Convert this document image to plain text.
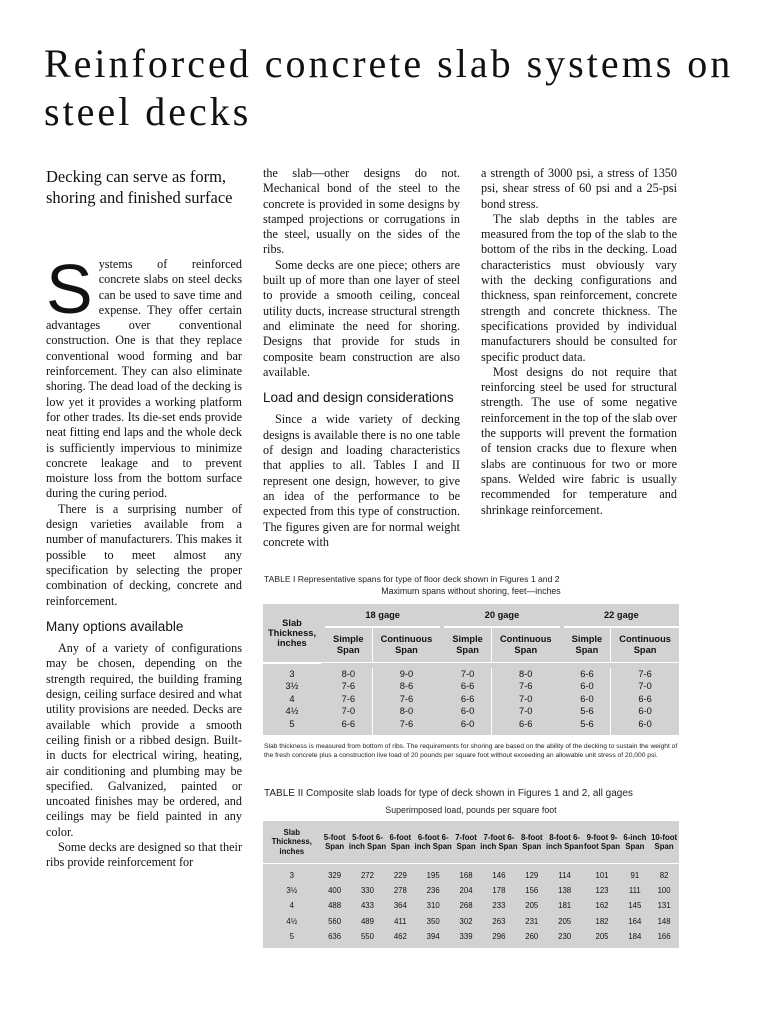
Reinforced concrete slab systems on steel decks
Decking can serve as form, shoring and finished surface

Systems of reinforced concrete slabs on steel decks can be used to save time and expense. They offer certain advantages over conventional construction. One is that they replace conventional wood forming and bar reinforcement. They can also eliminate shoring. The dead load of the decking is low yet it provides a working platform for other trades. Its die-set ends provide neat fitting end laps and the whole deck is sufficiently impervious to minimize concrete leakage and to prevent moisture loss from the bottom surface during the curing period.

There is a surprising number of design varieties available from a number of manufacturers. This makes it possible to meet almost any specification by selecting the proper combination of decking, concrete and reinforcement.

Many options available

Any of a variety of configurations may be chosen, depending on the strength required, the building framing design, ceiling surface desired and what utility provisions are needed. Decks are available which provide a smooth ceiling finish or a ribbed design. Built-in ducts for electrical wiring, heating, air conditioning and plumbing may be specified. Galvanized, painted or uncoated finishes may be ordered, and ceilings may be field painted in any color.

Some decks are designed so that their ribs provide reinforcement for

the slab—other designs do not. Mechanical bond of the steel to the concrete is provided in some designs by stamped projections or corrugations in the steel, usually on the sides of the ribs.

Some decks are one piece; others are built up of more than one layer of steel to provide a smooth ceiling, conceal utility ducts, increase structural strength and eliminate the need for shoring. Designs that provide for studs in composite beam construction are also available.

Load and design considerations

Since a wide variety of decking designs is available there is no one table of design and loading characteristics that applies to all. Tables I and II represent one design, however, to give an idea of the performance to be expected from this type of construction. The figures given are for normal weight concrete with

a strength of 3000 psi, a stress of 1350 psi, shear stress of 60 psi and a 25-psi bond stress.

The slab depths in the tables are measured from the top of the slab to the bottom of the ribs in the decking. Load characteristics must obviously vary with the decking configurations and thickness, span reinforcement, concrete strength and concrete thickness. The specifications provided by individual manufacturers should be consulted for specific product data.

Most designs do not require that reinforcing steel be used for structural strength. The use of some negative reinforcement in the top of the slab over the supports will prevent the formation of tension cracks due to flexure when slabs are continuous for two or more spans. Welded wire fabric is usually recommended for temperature and shrinkage reinforcement.

TABLE I Representative spans for type of floor deck shown in Figures 1 and 2
Maximum spans without shoring, feet—inches
Slab Thickness, inches		18 gage			20 gage			22 gage	
		Simple Span	Continuous Span		Simple Span	Continuous Span		Simple Span	Continuous Span

3		8-0	9-0		7-0	8-0		6-6	7-6
3½		7-6	8-6		6-6	7-6		6-0	7-0
4		7-6	7-6		6-6	7-0		6-0	6-6
4½		7-0	8-0		6-0	7-0		5-6	6-0
5		6-6	7-6		6-0	6-6		5-6	6-0
Slab thickness is measured from bottom of ribs. The requirements for shoring are based on the ability of the decking to sustain the weight of the fresh concrete plus a construction live load of 20 pounds per square foot without exceeding an allowable unit stress of 20,000 psi.
TABLE II Composite slab loads for type of deck shown in Figures 1 and 2, all gages
Superimposed load, pounds per square foot
Slab Thickness, inches	5-foot Span	5-foot 6-inch Span	6-foot Span	6-foot 6-inch Span	7-foot Span	7-foot 6-inch Span	8-foot Span	8-foot 6-inch Span	9-foot 9-foot Span	6-inch Span	10-foot Span

3	329	272	229	195	168	146	129	114	101	91	82
3½	400	330	278	236	204	178	156	138	123	111	100
4	488	433	364	310	268	233	205	181	162	145	131
4½	560	489	411	350	302	263	231	205	182	164	148
5	636	550	462	394	339	296	260	230	205	184	166
